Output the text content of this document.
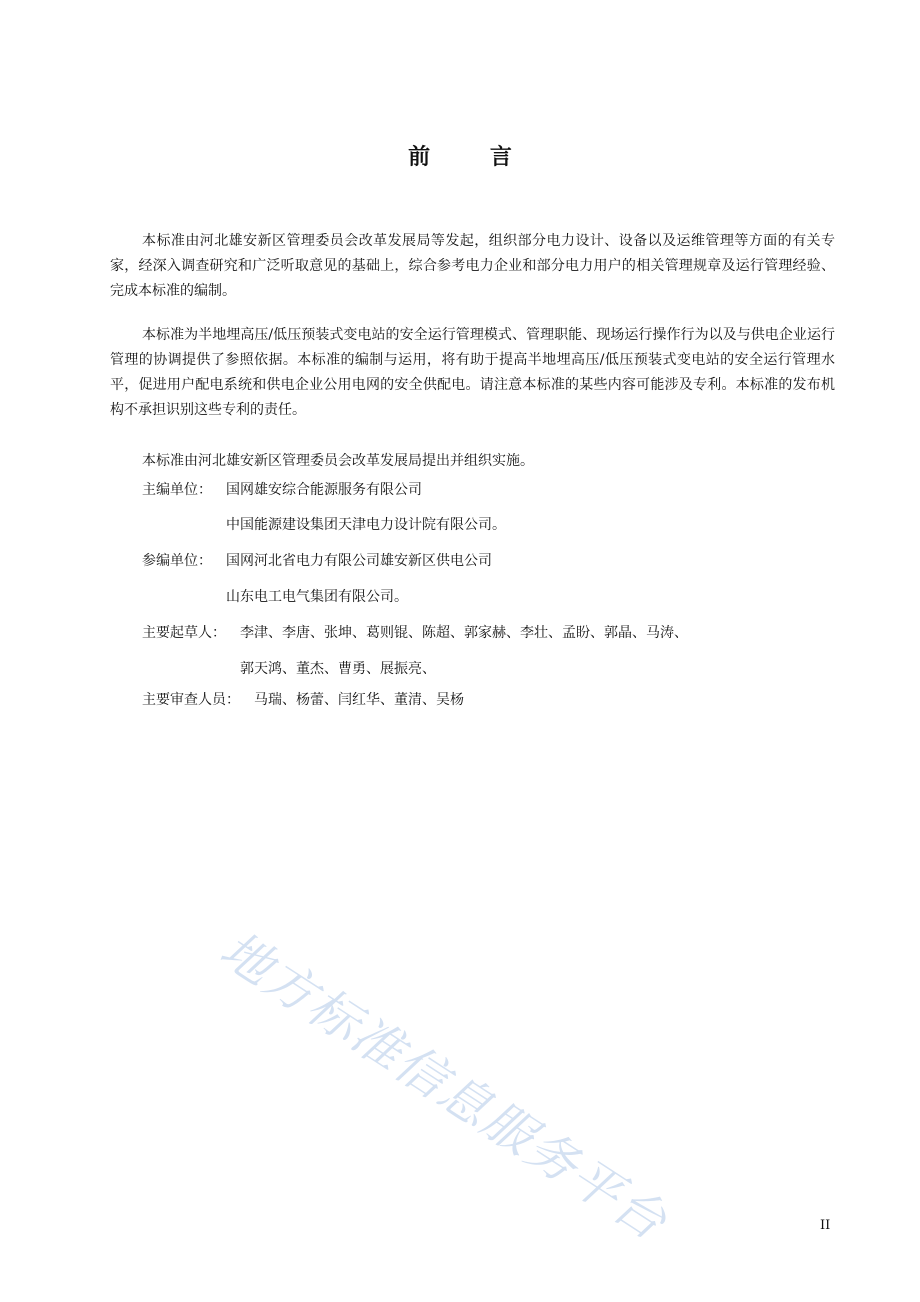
前 言
本标准由河北雄安新区管理委员会改革发展局等发起，组织部分电力设计、设备以及运维管理等方面的有关专家，经深入调查研究和广泛听取意见的基础上，综合参考电力企业和部分电力用户的相关管理规章及运行管理经验、完成本标准的编制。
本标准为半地埋高压/低压预装式变电站的安全运行管理模式、管理职能、现场运行操作行为以及与供电企业运行管理的协调提供了参照依据。本标准的编制与运用，将有助于提高半地埋高压/低压预装式变电站的安全运行管理水平，促进用户配电系统和供电企业公用电网的安全供配电。请注意本标准的某些内容可能涉及专利。本标准的发布机构不承担识别这些专利的责任。
本标准由河北雄安新区管理委员会改革发展局提出并组织实施。
主编单位： 国网雄安综合能源服务有限公司
中国能源建设集团天津电力设计院有限公司。
参编单位： 国网河北省电力有限公司雄安新区供电公司
山东电工电气集团有限公司。
主要起草人： 李津、李唐、张坤、葛则锟、陈超、郭家赫、李壮、孟盼、郭晶、马涛、
郭天鸿、董杰、曹勇、展振亮、
主要审查人员： 马瑞、杨蕾、闫红华、董清、吴杨
地方标准信息服务平台	II
